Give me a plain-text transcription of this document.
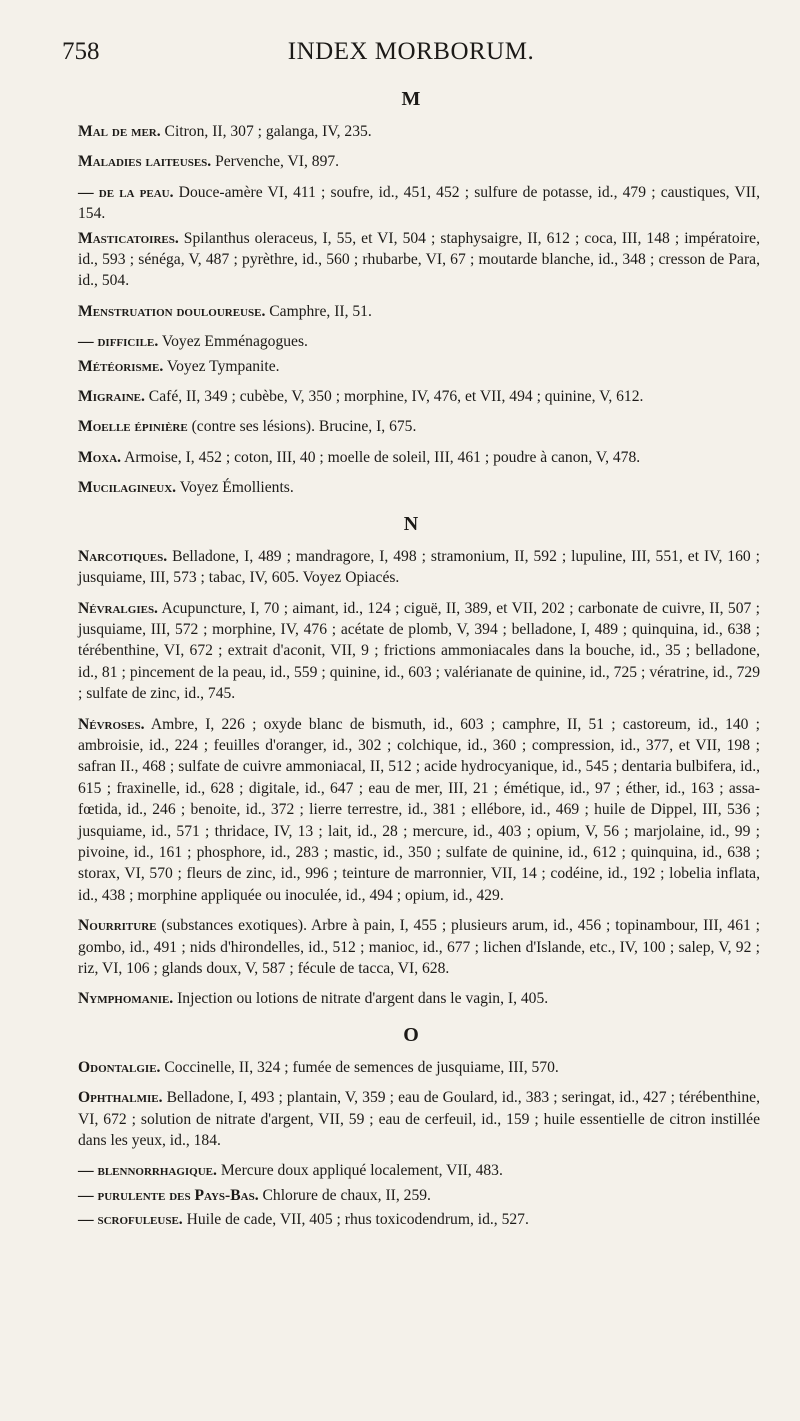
758	INDEX MORBORUM.
M
Mal de mer. Citron, II, 307 ; galanga, IV, 235.
Maladies laiteuses. Pervenche, VI, 897.
— de la peau. Douce-amère VI, 411 ; soufre, id., 451, 452 ; sulfure de potasse, id., 479 ; caustiques, VII, 154.
Masticatoires. Spilanthus oleraceus, I, 55, et VI, 504 ; staphysaigre, II, 612 ; coca, III, 148 ; impératoire, id., 593 ; sénéga, V, 487 ; pyrèthre, id., 560 ; rhubarbe, VI, 67 ; moutarde blanche, id., 348 ; cresson de Para, id., 504.
Menstruation douloureuse. Camphre, II, 51.
— difficile. Voyez Emménagogues.
Météorisme. Voyez Tympanite.
Migraine. Café, II, 349 ; cubèbe, V, 350 ; morphine, IV, 476, et VII, 494 ; quinine, V, 612.
Moelle épinière (contre ses lésions). Brucine, I, 675.
Moxa. Armoise, I, 452 ; coton, III, 40 ; moelle de soleil, III, 461 ; poudre à canon, V, 478.
Mucilagineux. Voyez Émollients.
N
Narcotiques. Belladone, I, 489 ; mandragore, I, 498 ; stramonium, II, 592 ; lupuline, III, 551, et IV, 160 ; jusquiame, III, 573 ; tabac, IV, 605. Voyez Opiacés.
Névralgies. Acupuncture, I, 70 ; aimant, id., 124 ; ciguë, II, 389, et VII, 202 ; carbonate de cuivre, II, 507 ; jusquiame, III, 572 ; morphine, IV, 476 ; acétate de plomb, V, 394 ; belladone, I, 489 ; quinquina, id., 638 ; térébenthine, VI, 672 ; extrait d'aconit, VII, 9 ; frictions ammoniacales dans la bouche, id., 35 ; belladone, id., 81 ; pincement de la peau, id., 559 ; quinine, id., 603 ; valérianate de quinine, id., 725 ; vératrine, id., 729 ; sulfate de zinc, id., 745.
Névroses. Ambre, I, 226 ; oxyde blanc de bismuth, id., 603 ; camphre, II, 51 ; castoreum, id., 140 ; ambroisie, id., 224 ; feuilles d'oranger, id., 302 ; colchique, id., 360 ; compression, id., 377, et VII, 198 ; safran II., 468 ; sulfate de cuivre ammoniacal, II, 512 ; acide hydrocyanique, id., 545 ; dentaria bulbifera, id., 615 ; fraxinelle, id., 628 ; digitale, id., 647 ; eau de mer, III, 21 ; émétique, id., 97 ; éther, id., 163 ; assa-fœtida, id., 246 ; benoite, id., 372 ; lierre terrestre, id., 381 ; ellébore, id., 469 ; huile de Dippel, III, 536 ; jusquiame, id., 571 ; thridace, IV, 13 ; lait, id., 28 ; mercure, id., 403 ; opium, V, 56 ; marjolaine, id., 99 ; pivoine, id., 161 ; phosphore, id., 283 ; mastic, id., 350 ; sulfate de quinine, id., 612 ; quinquina, id., 638 ; storax, VI, 570 ; fleurs de zinc, id., 996 ; teinture de marronnier, VII, 14 ; codéine, id., 192 ; lobelia inflata, id., 438 ; morphine appliquée ou inoculée, id., 494 ; opium, id., 429.
Nourriture (substances exotiques). Arbre à pain, I, 455 ; plusieurs arum, id., 456 ; topinambour, III, 461 ; gombo, id., 491 ; nids d'hirondelles, id., 512 ; manioc, id., 677 ; lichen d'Islande, etc., IV, 100 ; salep, V, 92 ; riz, VI, 106 ; glands doux, V, 587 ; fécule de tacca, VI, 628.
Nymphomanie. Injection ou lotions de nitrate d'argent dans le vagin, I, 405.
O
Odontalgie. Coccinelle, II, 324 ; fumée de semences de jusquiame, III, 570.
Ophthalmie. Belladone, I, 493 ; plantain, V, 359 ; eau de Goulard, id., 383 ; seringat, id., 427 ; térébenthine, VI, 672 ; solution de nitrate d'argent, VII, 59 ; eau de cerfeuil, id., 159 ; huile essentielle de citron instillée dans les yeux, id., 184.
— blennorrhagique. Mercure doux appliqué localement, VII, 483.
— purulente des Pays-Bas. Chlorure de chaux, II, 259.
— scrofuleuse. Huile de cade, VII, 405 ; rhus toxicodendrum, id., 527.
